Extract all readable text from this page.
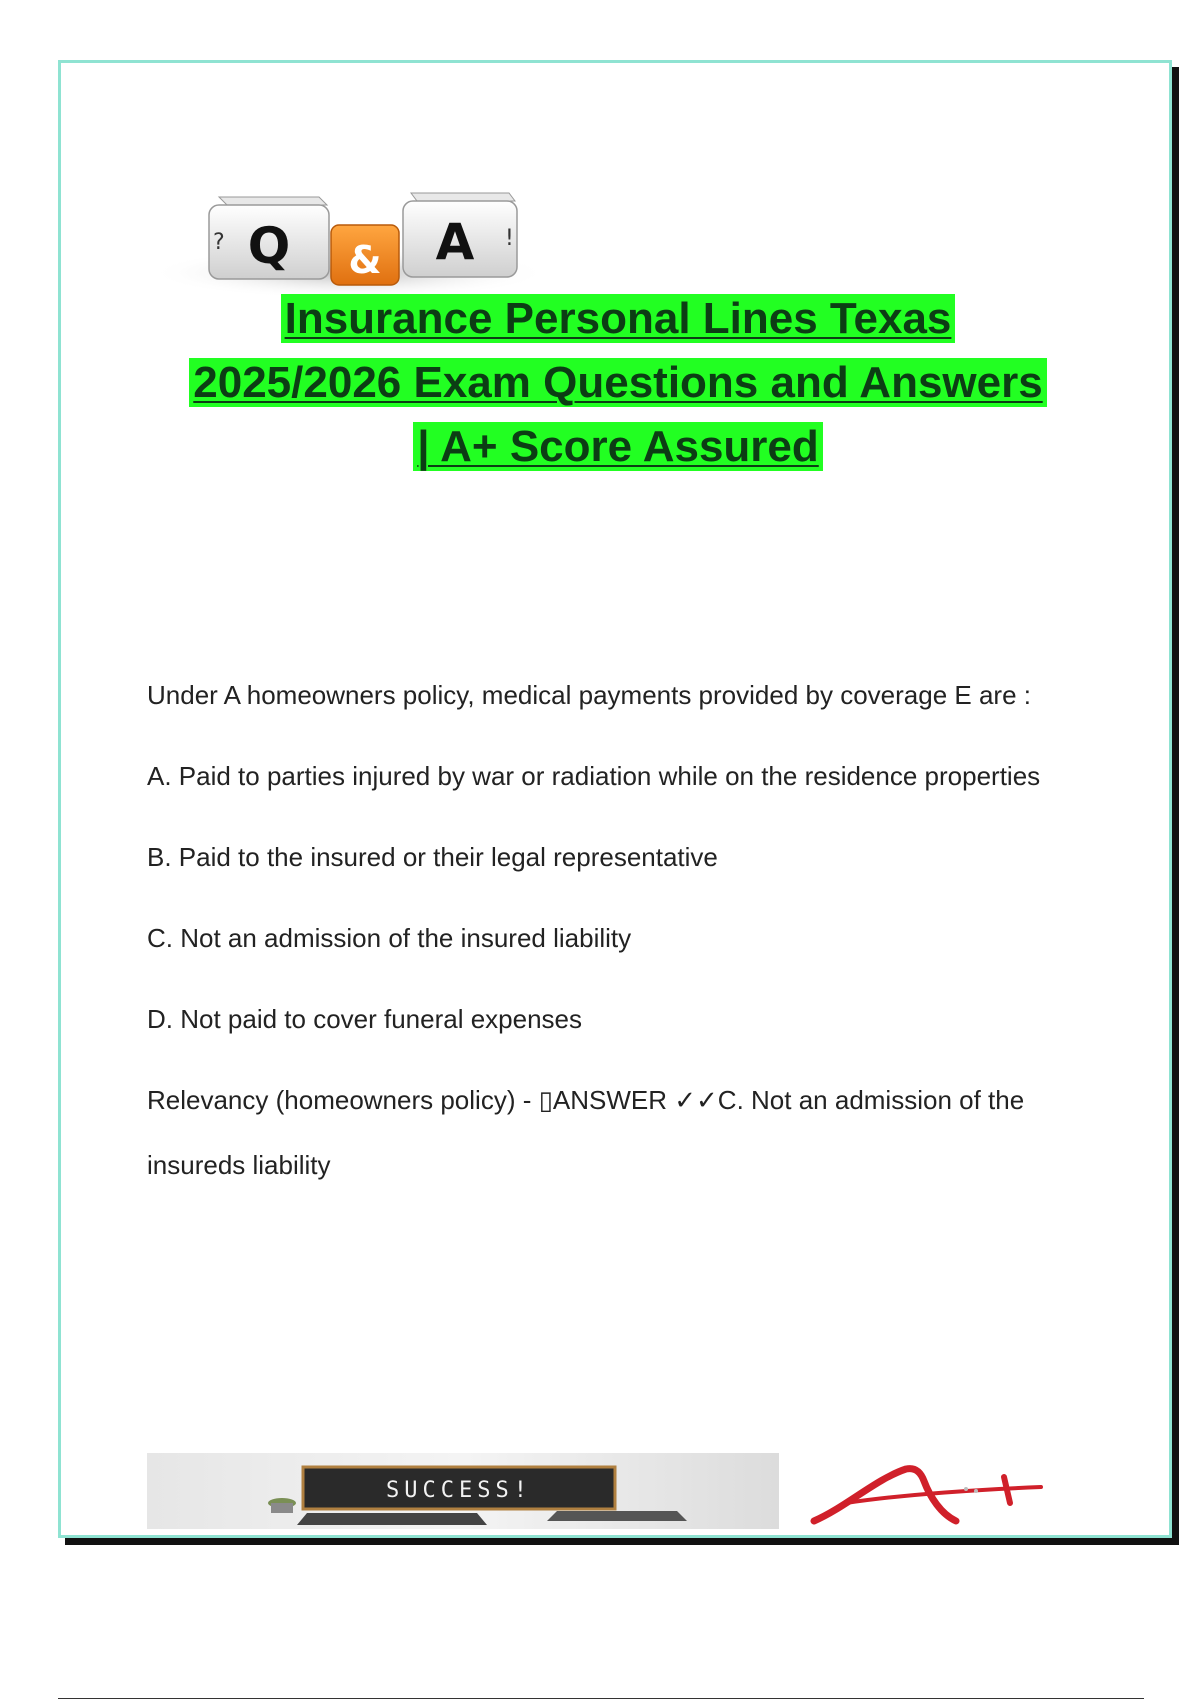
? Q & A !
Insurance Personal Lines Texas
2025/2026 Exam Questions and Answers
| A+ Score Assured

Under A homeowners policy, medical payments provided by coverage E are :

A. Paid to parties injured by war or radiation while on the residence properties

B. Paid to the insured or their legal representative

C. Not an admission of the insured liability

D. Not paid to cover funeral expenses

Relevancy (homeowners policy) - ▯ANSWER ✓✓C. Not an admission of the insureds liability

SUCCESS!
